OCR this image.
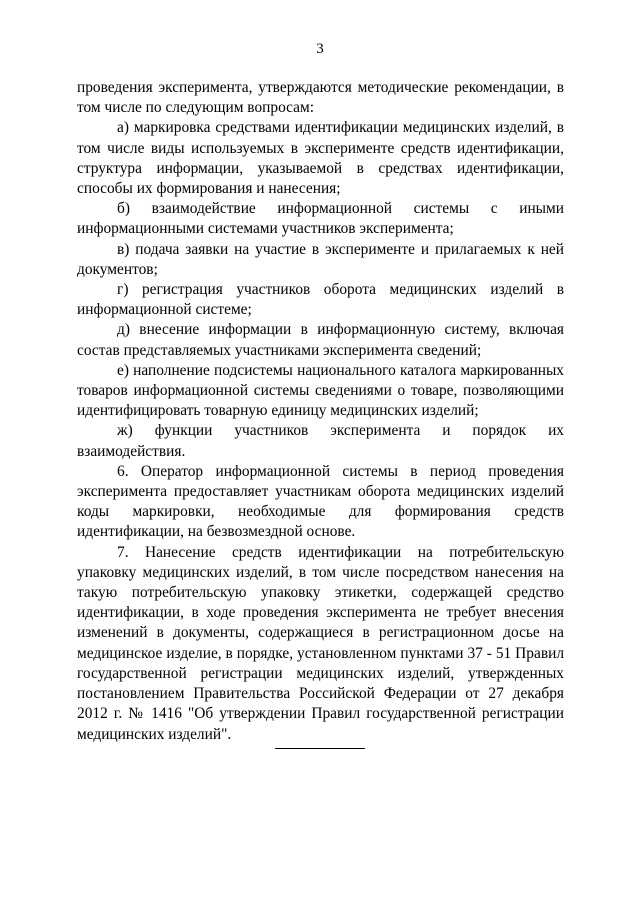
3

проведения эксперимента, утверждаются методические рекомендации, в том числе по следующим вопросам:

а) маркировка средствами идентификации медицинских изделий, в том числе виды используемых в эксперименте средств идентификации, структура информации, указываемой в средствах идентификации, способы их формирования и нанесения;

б) взаимодействие информационной системы с иными информационными системами участников эксперимента;

в) подача заявки на участие в эксперименте и прилагаемых к ней документов;

г) регистрация участников оборота медицинских изделий в информационной системе;

д) внесение информации в информационную систему, включая состав представляемых участниками эксперимента сведений;

е) наполнение подсистемы национального каталога маркированных товаров информационной системы сведениями о товаре, позволяющими идентифицировать товарную единицу медицинских изделий;

ж) функции участников эксперимента и порядок их взаимодействия.

6. Оператор информационной системы в период проведения эксперимента предоставляет участникам оборота медицинских изделий коды маркировки, необходимые для формирования средств идентификации, на безвозмездной основе.

7. Нанесение средств идентификации на потребительскую упаковку медицинских изделий, в том числе посредством нанесения на такую потребительскую упаковку этикетки, содержащей средство идентификации, в ходе проведения эксперимента не требует внесения изменений в документы, содержащиеся в регистрационном досье на медицинское изделие, в порядке, установленном пунктами 37 - 51 Правил государственной регистрации медицинских изделий, утвержденных постановлением Правительства Российской Федерации от 27 декабря 2012 г. № 1416 "Об утверждении Правил государственной регистрации медицинских изделий".
